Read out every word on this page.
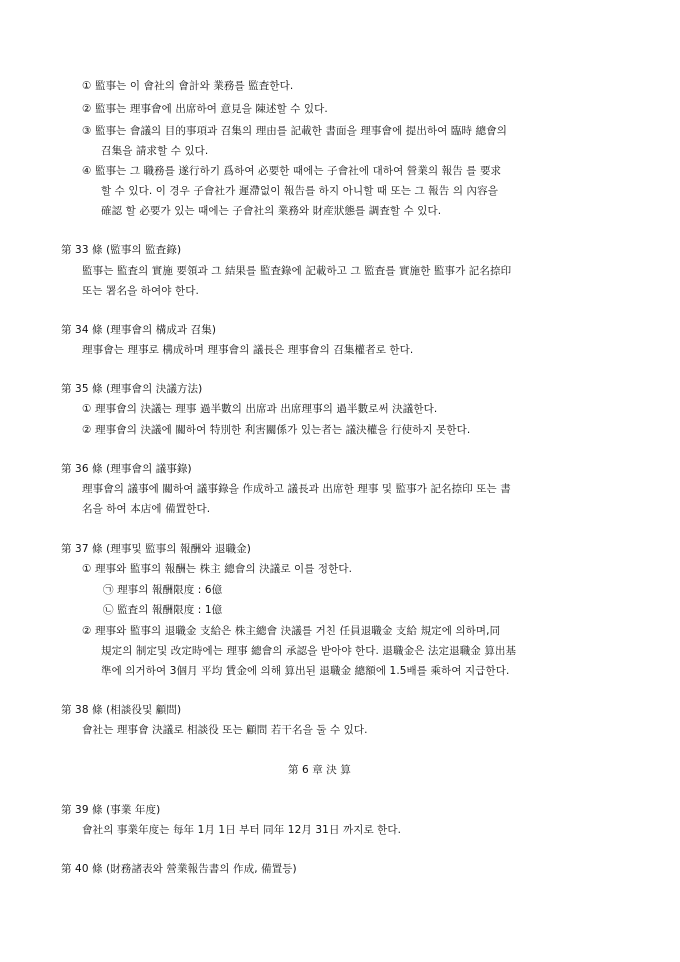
① 監事는 이 會社의 會計와 業務를 監査한다.
② 監事는 理事會에 出席하여 意見을 陳述할 수 있다.
③ 監事는 會議의 目的事項과 召集의 理由를 記載한 書面을 理事會에 提出하여 臨時 總會의
召集을 請求할 수 있다.
④ 監事는 그 職務를 遂行하기 爲하여 必要한 때에는 子會社에 대하여 營業의 報告 를 要求
할 수 있다. 이 경우 子會社가 遲滯없이 報告를 하지 아니할 때 또는 그 報告 의 內容을
確認 할 必要가 있는 때에는 子會社의 業務와 財産狀態를 調査할 수 있다.
第 33 條 (監事의 監査錄)
監事는 監査의 實施 要領과 그 結果를 監査錄에 記載하고 그 監査를 實施한 監事가 記名捺印
또는 署名을 하여야 한다.
第 34 條 (理事會의 構成과 召集)
理事會는 理事로 構成하며 理事會의 議長은 理事會의 召集權者로 한다.
第 35 條 (理事會의 決議方法)
① 理事會의 決議는 理事 過半數의 出席과 出席理事의 過半數로써 決議한다.
② 理事會의 決議에 關하여 特別한 利害關係가 있는者는 議決權을 行使하지 못한다.
第 36 條 (理事會의 議事錄)
理事會의 議事에 關하여 議事錄을 作成하고 議長과 出席한 理事 및 監事가 記名捺印 또는 書
名을 하여 本店에 備置한다.
第 37 條 (理事및 監事의 報酬와 退職金)
① 理事와 監事의 報酬는 株主 總會의 決議로 이를 정한다.
㉠ 理事의 報酬限度 : 6億
㉡ 監査의 報酬限度 : 1億
② 理事와 監事의 退職金 支給은 株主總會 決議를 거친 任員退職金 支給 規定에 의하며,同
規定의 制定및 改定時에는 理事 總會의 承認을 받아야 한다. 退職金은 法定退職金 算出基
準에 의거하여 3個月 平均 賃金에 의해 算出된 退職金 總額에 1.5배를 乘하여 지급한다.
第 38 條 (相談役및 顧問)
會社는 理事會 決議로 相談役 또는 顧問 若干名을 둘 수 있다.
第 6 章 決 算
第 39 條 (事業 年度)
會社의 事業年度는 每年 1月 1日 부터 同年 12月 31日 까지로 한다.
第 40 條 (財務諸表와 營業報告書의 作成, 備置등)
